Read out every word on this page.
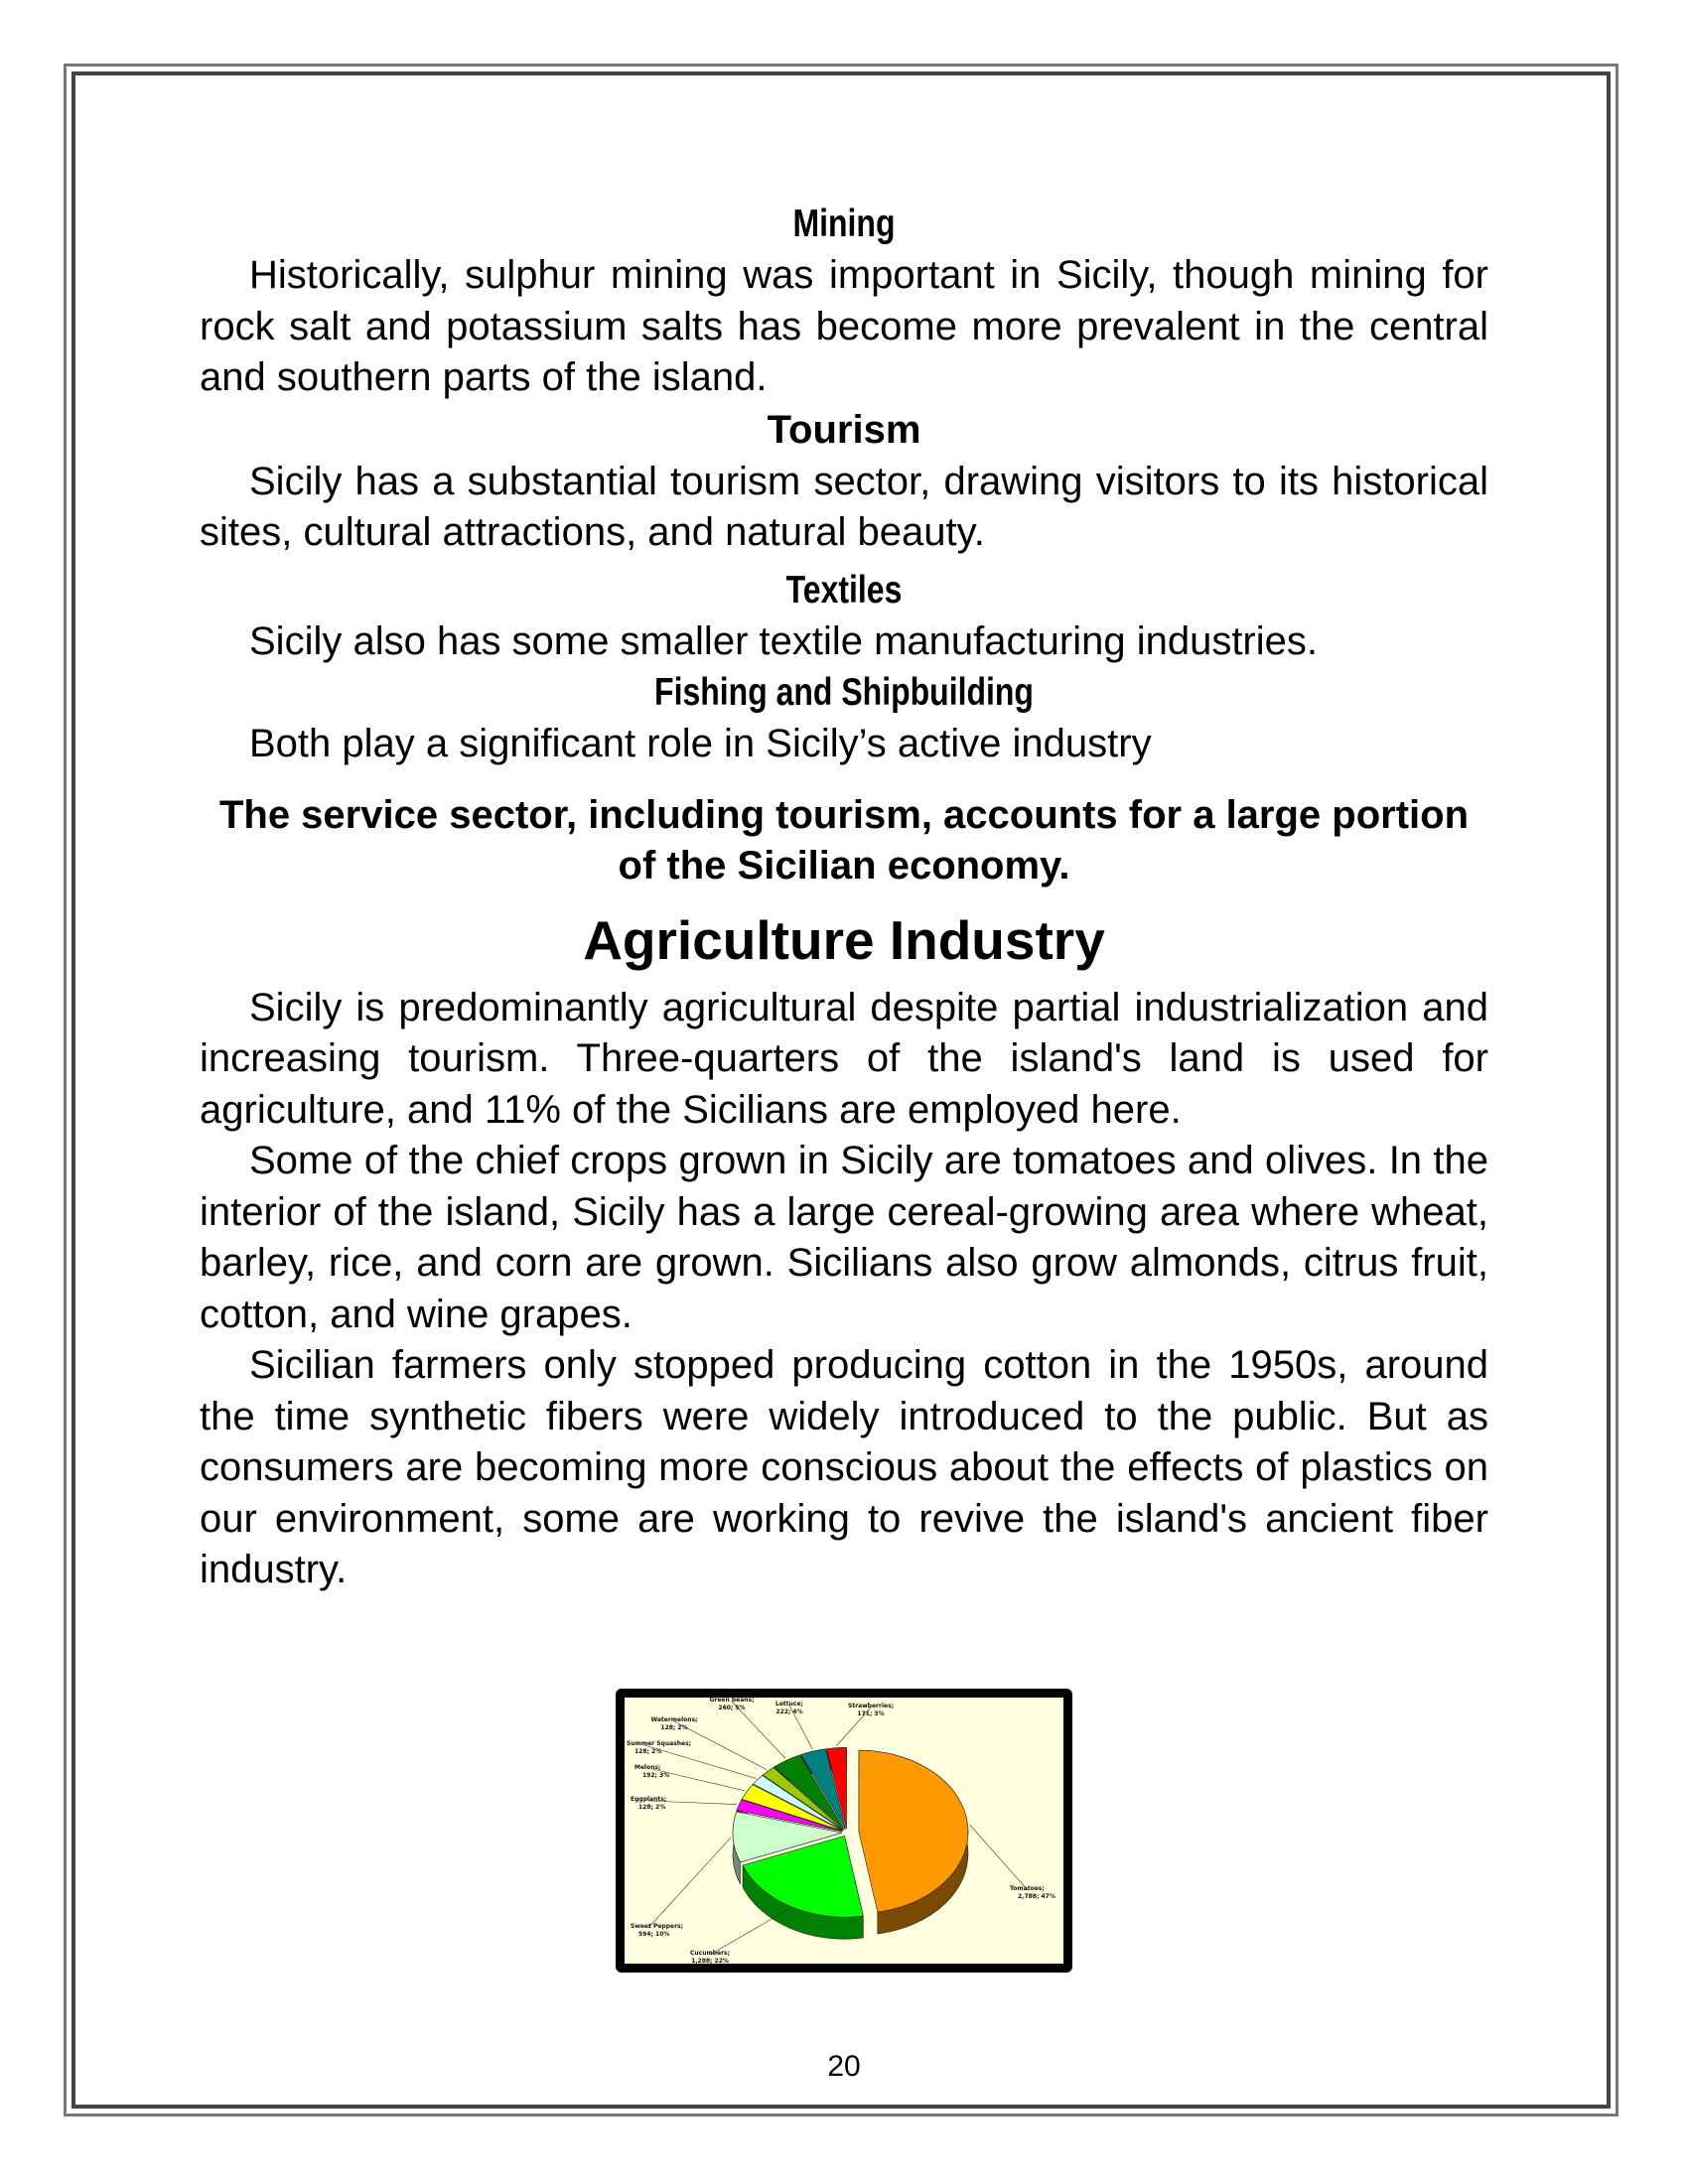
Mining

Historically, sulphur mining was important in Sicily, though mining for rock salt and potassium salts has become more prevalent in the central and southern parts of the island.

Tourism

Sicily has a substantial tourism sector, drawing visitors to its historical sites, cultural attractions, and natural beauty.

Textiles

Sicily also has some smaller textile manufacturing industries.

Fishing and Shipbuilding

Both play a significant role in Sicily’s active industry

The service sector, including tourism, accounts for a large portion of the Sicilian economy.
Agriculture Industry

Sicily is predominantly agricultural despite partial industrialization and increasing tourism. Three-quarters of the island's land is used for agriculture, and 11% of the Sicilians are employed here.

Some of the chief crops grown in Sicily are tomatoes and olives. In the interior of the island, Sicily has a large cereal-growing area where wheat, barley, rice, and corn are grown. Sicilians also grow almonds, citrus fruit, cotton, and wine grapes.

Sicilian farmers only stopped producing cotton in the 1950s, around the time synthetic fibers were widely introduced to the public. But as consumers are becoming more conscious about the effects of plastics on our environment, some are working to revive the island's ancient fiber industry.

Tomatoes; 2,788; 47%
Cucumbers; 1,288; 22%
Sweet Peppers; 594; 10%
Eggplants; 128; 2%
Melons; 192; 3%
Summer Squashes; 128; 2%
Watermelons; 128; 2%
Green beans; 260; 5%
Lettuce; 222; 4%
Strawberries; 171; 3%
20
